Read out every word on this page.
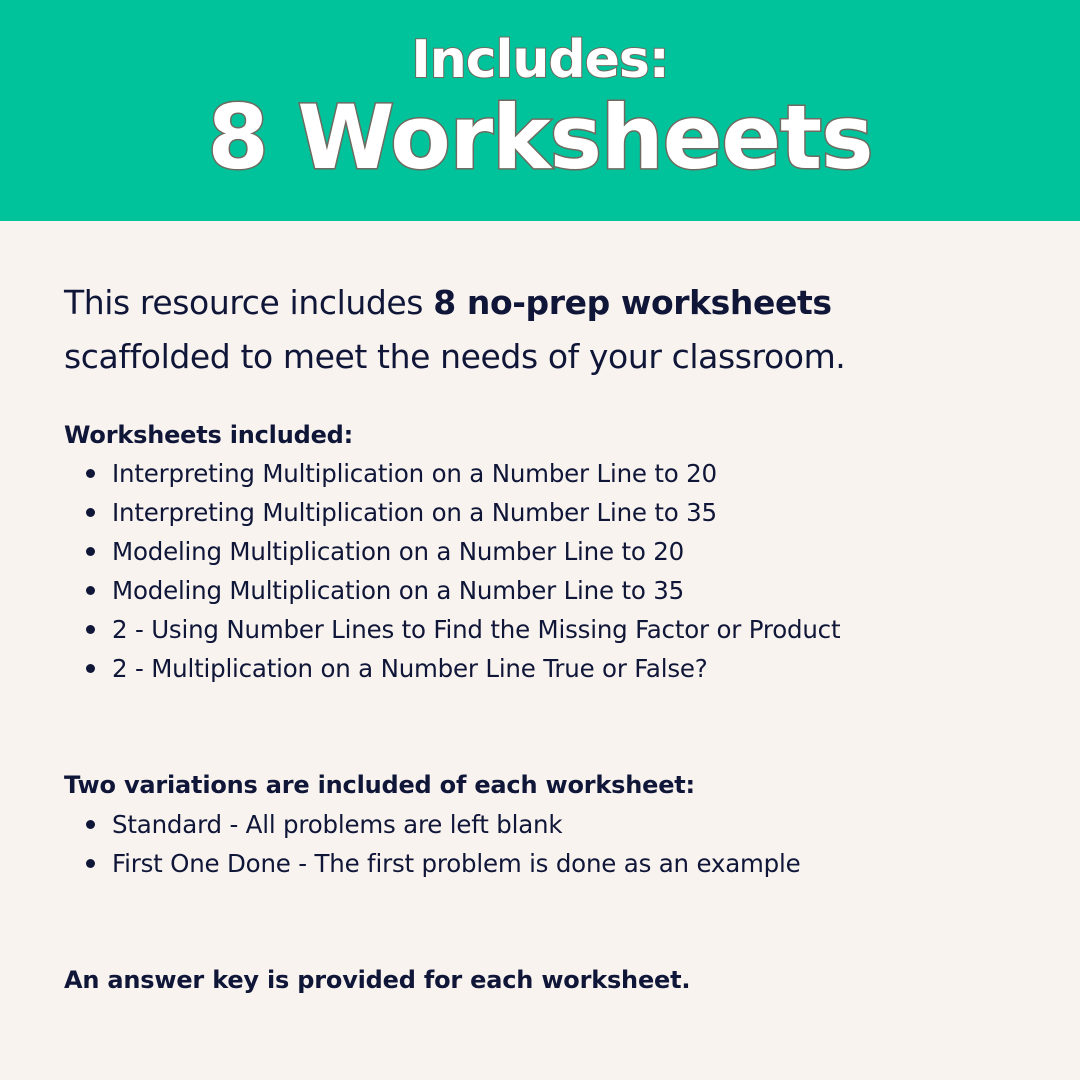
Includes:
8 Worksheets
This resource includes 8 no-prep worksheets
scaffolded to meet the needs of your classroom.
Worksheets included:
Interpreting Multiplication on a Number Line to 20
Interpreting Multiplication on a Number Line to 35
Modeling Multiplication on a Number Line to 20
Modeling Multiplication on a Number Line to 35
2 - Using Number Lines to Find the Missing Factor or Product
2 - Multiplication on a Number Line True or False?
Two variations are included of each worksheet:
Standard - All problems are left blank
First One Done - The first problem is done as an example
An answer key is provided for each worksheet.
